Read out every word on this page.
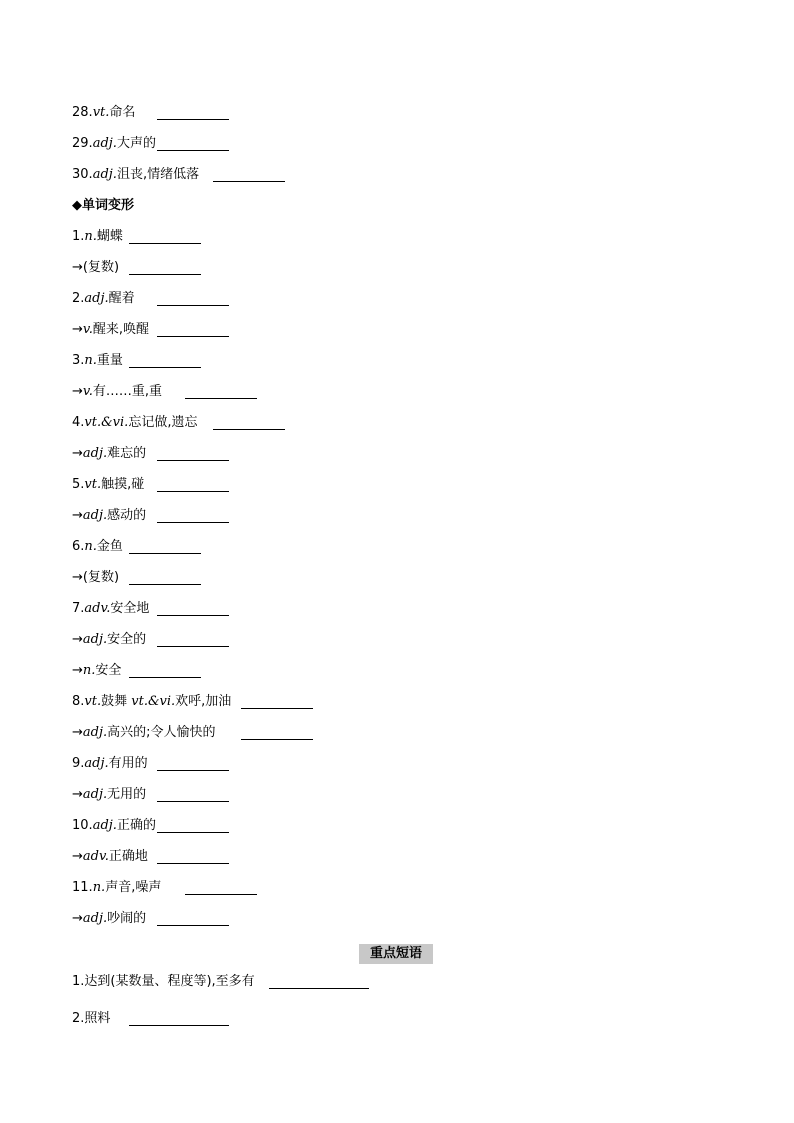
28.vt.命名
29.adj.大声的
30.adj.沮丧,情绪低落
◆单词变形
1.n.蝴蝶
→(复数)
2.adj.醒着
→v.醒来,唤醒
3.n.重量
→v.有……重,重
4.vt.&vi.忘记做,遗忘
→adj.难忘的
5.vt.触摸,碰
→adj.感动的
6.n.金鱼
→(复数)
7.adv.安全地
→adj.安全的
→n.安全
8.vt.鼓舞 vt.&vi.欢呼,加油
→adj.高兴的;令人愉快的
9.adj.有用的
→adj.无用的
10.adj.正确的
→adv.正确地
11.n.声音,噪声
→adj.吵闹的
重点短语
1.达到(某数量、程度等),至多有
2.照料
